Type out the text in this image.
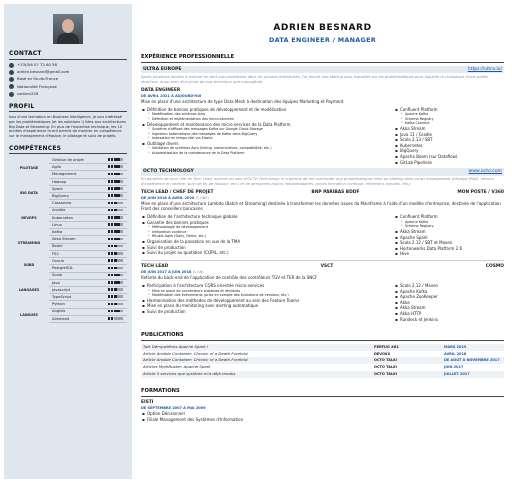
CONTACT
+33(0)6 07 72 60 58
adrien.besnard@gmail.com
Basé en Île-de-France
Nationalité Française
cadium226
PROFIL
Issu d'une formation en Business Intelligence, je suis intéressé par les problématiques (et les solutions !) liées aux architectures Big Data et Streaming. En plus de l'expertise technique, les 10 années d'expérience m'ont permis de montrer en compétence sur le management d'équipe, le pilotage et suivi de projets.
COMPÉTENCES
PILOTAGE	Gestion de projet	
	Agile	
	Management	
BIG DATA	Hadoop	
	Spark	
	BigQuery	
	Cassandra	
DEVOPS	Ansible	
	Kubernetes	
	Linux	
STREAMING	Kafka	
	Akka Stream	
	Beam	
	FS2	
SGBD	Oracle	
	PostgreSQL	
LANGAGES	Scala	
	Java	
	Javascript	
	TypeScript	
	Python	
LANGUES	Anglais	
	Allemand	
ADRIEN BESNARD
DATA ENGINEER / MANAGER
EXPÉRIENCE PROFESSIONNELLE
ULTRA EUROPE	https://ultra.io/
Après plusieurs années à exercer en tant que prestataire dans de grosses entreprises, j'ai rejoint une startup pour travailler sur les problématiques pour laquelle la croissance d'une petite structure, aussi bien d'un point de vue technique que managérial.
DATA ENGINEER
DE AVRIL 2021 À AUJOURD'HUI
Mise en place d'une architecture de type Data Mesh à destination des équipes Marketing et Payment
▪ Définition de bonnes pratiques de développement et de modélisation
• Modélisation des schémas Avro
• Définition et implémentation des micro-services
▪ Développement et maintenance des micro-services de la Data Platform
• Système d'offload des messages Kafka sur Google Cloud Storage
• Ingestion automatique des messages de Kafka dans BigQuery
• Indexation en temps réel via Elastic
▪ Outillage divers
• Validation de schémas Avro (linting, nomenclature, compatibilité, etc.)
• Automatisation de la maintenance de la Data Platform
▪ Confluent Platform
• Apache Kafka
• Schema Registry
• Kafka Connect
▪ Akka Stream
▪ Java 11 / Gradle
▪ Scala 2.13 / SBT
▪ Kubernetes
▪ BigQuery
▪ Apache Beam (sur Dataflow)
▪ GitLab Pipelines
OCTO TECHNOLOGY	www.octo.com
En parallèle de mon rôle de Tech Lead, exercer au sein d'OCTO Technology m'a permis de me confronter aux problématiques liées au staffing ainsi qu'au management d'équipe (RAD, retours d'expérience en interne, suivi de fin de mission, etc.) et de personnes (suivis hebdomadaires, points formation continue, entretiens annuels, etc.)
TECH LEAD / CHEF DE PROJET	BNP PARIBAS BDDF	MON POSTE / V360
DE JUIN 2018 À AVRIL 2020 (2 ANS)
Mise en place d'une architecture Lambda (Batch et Streaming) destinée à transformer les données issues du Mainframe à l'aide d'un modèle d'entreprise, destinée de l'application Front des conseillers bancaires
▪ Définition de l'architecture technique globale
▪ Garantie des bonnes pratiques
• Méthodologie de développement
• Intégration continue
• Rituels Agile (Daily, Démo, etc.)
▪ Organisation de la passation en vue de la TMA
▪ Suivi de production
▪ Suivi du projet au quotidien (COPIL, etc.)
▪ Confluent Platform
• Apache Kafka
• Schema Registry
▪ Akka Stream
▪ Apache Spark
▪ Scala 2.12 / SBT et Maven
▪ Hortonworks Data Platform 2.6
▪ Hive
TECH LEAD	VSCT	COSMO
DE JUIN 2017 À JUIN 2018 (1 AN)
Refonte du back-end de l'application de contrôle des contrôleurs TGV et TER de la SNCF
▪ Participation à l'architecture CQRS orientée micro-services
• Mise en place de connecteurs scalables et résilients
• Modélisation des évènements (prise en compte des évolutions de versions, etc.)
▪ Harmonisation des méthodes de développement au sein des Feature Teams
▪ Mise en place du monitoring avec alerting automatique
▪ Suivi de production
▪ Scala 2.12 / Maven
▪ Apache Kafka
▪ Apache ZooKeeper
▪ Akka
▪ Akka Stream
▪ Akka HTTP
▪ Rundeck et Jenkins
PUBLICATIONS
Talk Démystifions Apache Spark !	PERFUG #61	MARS 2019
Article Ansible Container: Chronic of a Death Foretold	DEVOXX	AVRIL 2018
Article Ansible Container: Chronic of a Death Foretold	OCTO TALK!	DE AOÛT À NOVEMBRE 2017
Articles MythBuster: Apache Spark	OCTO TALK!	JUIN 2017
Article 5 services que système m'a déjà rendus	OCTO TALK!	JUILLET 2017
FORMATIONS
EISTI
DE SEPTEMBRE 2007 À MAI 2009
▪ Option Décisionnel
▪ Filiale Management des Systèmes d'Information
